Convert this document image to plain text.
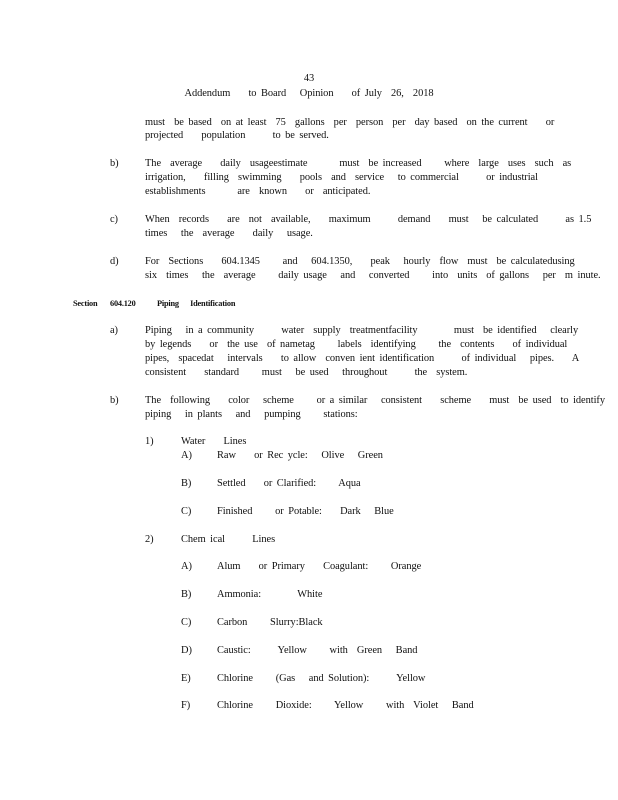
43

Addendum    to Board   Opinion    of July  26,  2018

must  be based  on at least  75  gallons  per  person  per  day based  on the current    or

projected    population      to be served.

b)	The  average    daily  usageestimate       must  be increased     where  large  uses  such  as

irrigation,    filling  swimming    pools  and  service   to commercial      or industrial

establishments       are  known    or  anticipated.

c)	When  records    are  not  available,    maximum      demand    must   be calculated      as 1.5

times   the  average    daily   usage.

d)	For  Sections    604.1345     and   604.1350,    peak   hourly  flow  must  be calculatedusing

six  times   the  average     daily usage   and   converted     into  units  of gallons   per  m inute.

Section 604.120	Piping      Identification

a)	Piping   in a community      water  supply  treatmentfacility        must  be identified   clearly

by legends    or  the use  of nametag     labels  identifying     the  contents    of individual

pipes,  spacedat   intervals    to allow  conven ient identification      of individual   pipes.    A

consistent    standard     must   be used   throughout      the  system.

b)	The  following    color   scheme     or a similar   consistent    scheme    must  be used  to identify

piping   in plants   and   pumping     stations:

1)	Water    Lines

A) Raw    or Rec ycle:   Olive   Green

B) Settled    or Clarified:     Aqua

C) Finished     or Potable:    Dark   Blue

2)	Chem ical      Lines

A) Alum    or Primary    Coagulant:     Orange

B) Ammonia:        White

C) Carbon     Slurry:Black

D) Caustic:      Yellow     with  Green   Band

E)	Chlorine     (Gas   and Solution):      Yellow

F)	Chlorine     Dioxide:     Yellow     with  Violet   Band
